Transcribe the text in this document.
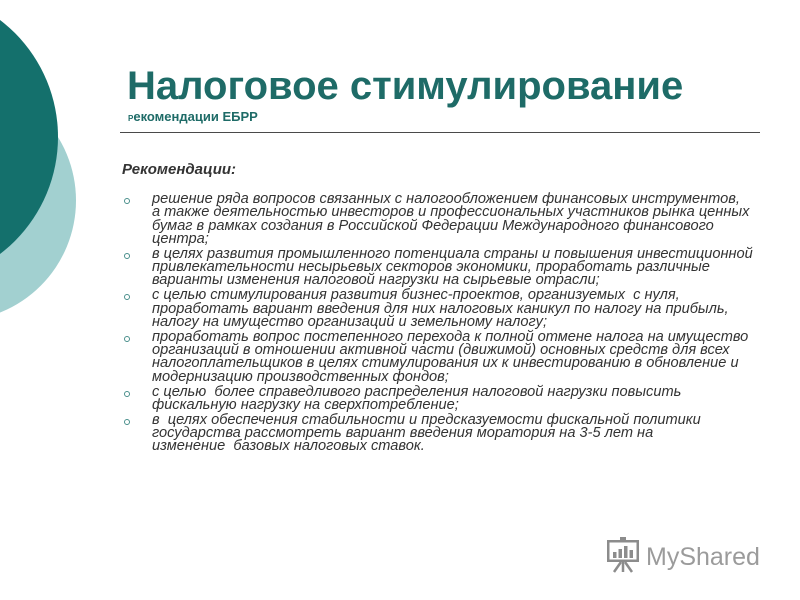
Налоговое стимулирование
Рекомендации ЕБРР
Рекомендации:
решение ряда вопросов связанных с налогообложением финансовых инструментов,
а также деятельностью инвесторов и профессиональных участников рынка ценных
бумаг в рамках создания в Российской Федерации Международного финансового
центра;
в целях развития промышленного потенциала страны и повышения инвестиционной
привлекательности несырьевых секторов экономики, проработать различные
варианты изменения налоговой нагрузки на сырьевые отрасли;
с целью стимулирования развития бизнес-проектов, организуемых  с нуля,
проработать вариант введения для них налоговых каникул по налогу на прибыль,
налогу на имущество организаций и земельному налогу;
проработать вопрос постепенного перехода к полной отмене налога на имущество
организаций в отношении активной части (движимой) основных средств для всех
налогоплательщиков в целях стимулирования их к инвестированию в обновление и
модернизацию производственных фондов;
с целью  более справедливого распределения налоговой нагрузки повысить
фискальную нагрузку на сверхпотребление;
в  целях обеспечения стабильности и предсказуемости фискальной политики
государства рассмотреть вариант введения моратория на 3-5 лет на
изменение  базовых налоговых ставок.
MyShared
